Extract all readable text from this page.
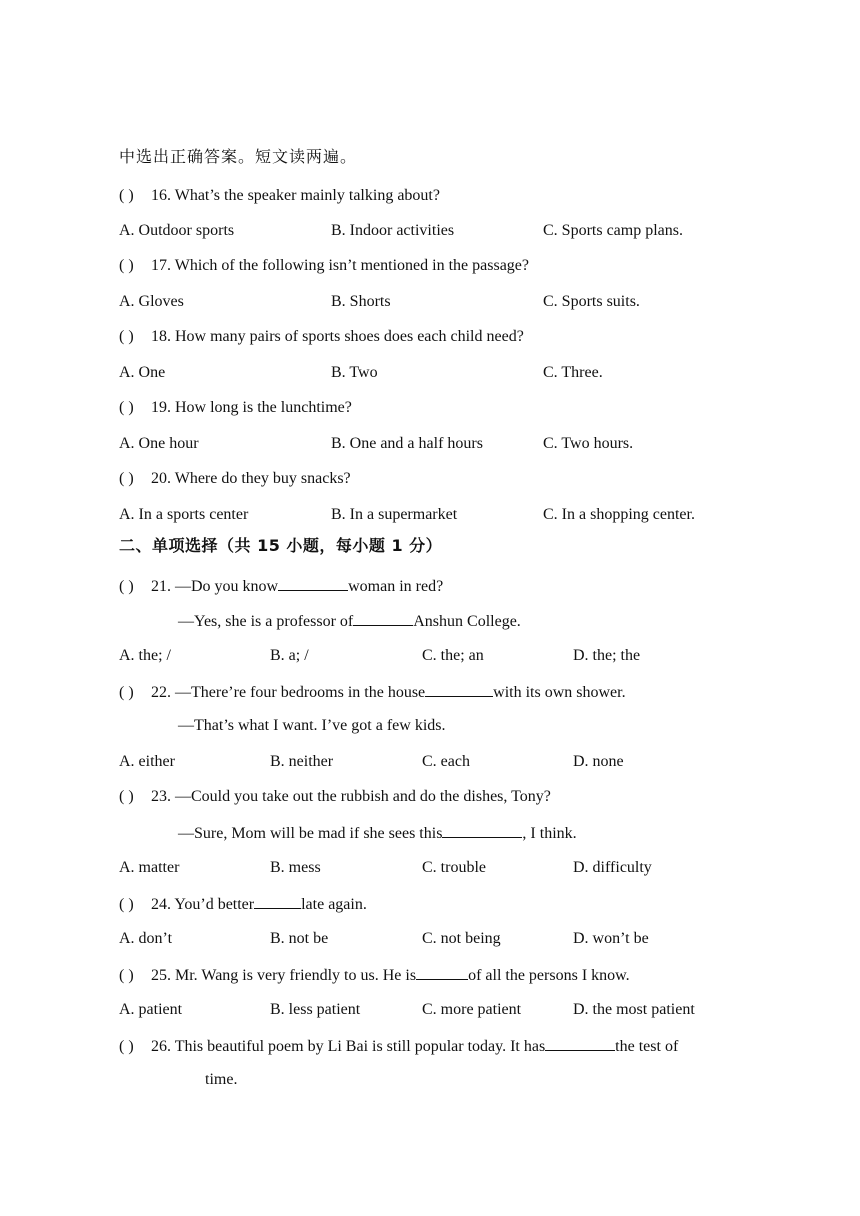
中选出正确答案。短文读两遍。
( ) 16. What’s the speaker mainly talking about?
A. Outdoor sports	B. Indoor activities	C. Sports camp plans.
( ) 17. Which of the following isn’t mentioned in the passage?
A. Gloves	B. Shorts	C. Sports suits.
( ) 18. How many pairs of sports shoes does each child need?
A. One	B. Two	C. Three.
( ) 19. How long is the lunchtime?
A. One hour	B. One and a half hours	C. Two hours.
( ) 20. Where do they buy snacks?
A. In a sports center	B. In a supermarket	C. In a shopping center.
二、单项选择（共 15 小题，每小题 1 分）
( ) 21. —Do you know	woman in red?
—Yes, she is a professor of	Anshun College.
A. the; /	B. a; /	C. the; an	D. the; the
( ) 22. —There’re four bedrooms in the house	with its own shower.
—That’s what I want. I’ve got a few kids.
A. either	B. neither	C. each	D. none
( ) 23. —Could you take out the rubbish and do the dishes, Tony?
—Sure, Mom will be mad if she sees this	, I think.
A. matter	B. mess	C. trouble	D. difficulty
( ) 24. You’d better	late again.
A. don’t	B. not be	C. not being	D. won’t be
( ) 25. Mr. Wang is very friendly to us. He is	of all the persons I know.
A. patient	B. less patient	C. more patient	D. the most patient
( ) 26. This beautiful poem by Li Bai is still popular today. It has	the test of
time.
